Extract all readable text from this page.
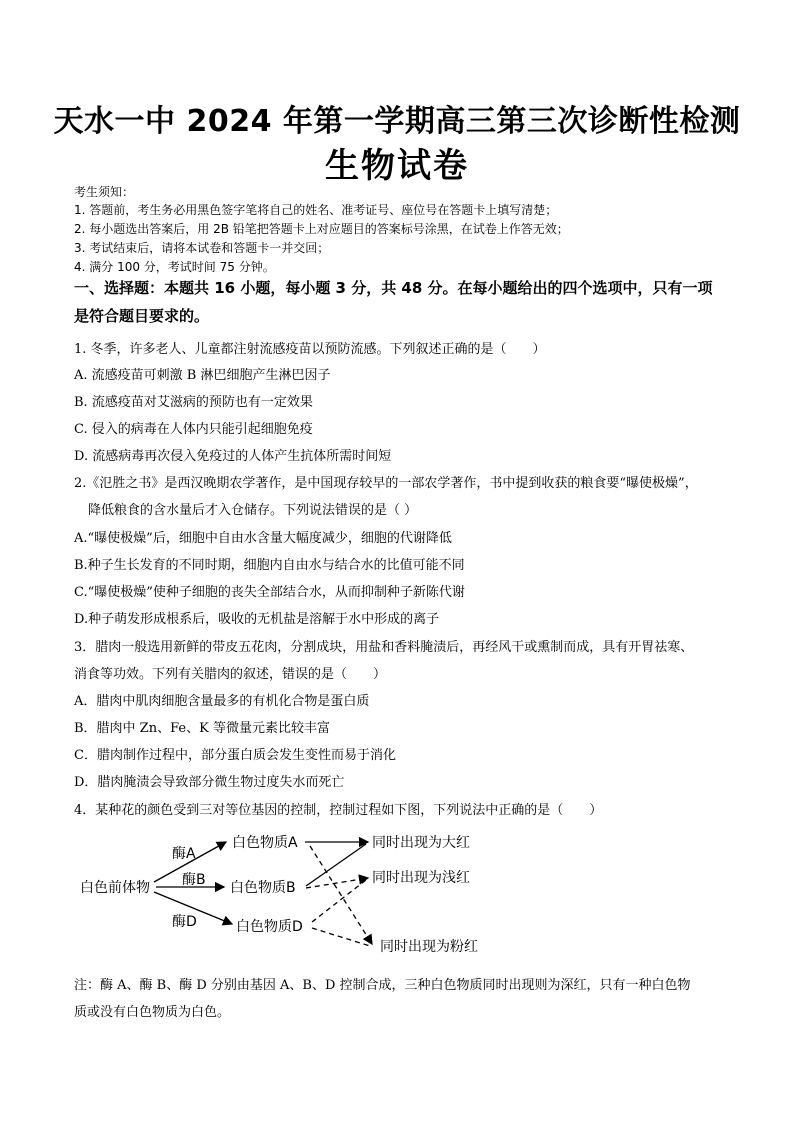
天水一中 2024 年第一学期高三第三次诊断性检测
生物试卷
考生须知：
1. 答题前，考生务必用黑色签字笔将自己的姓名、准考证号、座位号在答题卡上填写清楚；
2. 每小题选出答案后，用 2B 铅笔把答题卡上对应题目的答案标号涂黑，在试卷上作答无效；
3. 考试结束后，请将本试卷和答题卡一并交回；
4. 满分 100 分，考试时间 75 分钟。
一、选择题：本题共 16 小题，每小题 3 分，共 48 分。在每小题给出的四个选项中，只有一项
是符合题目要求的。
1. 冬季，许多老人、儿童都注射流感疫苗以预防流感。下列叙述正确的是（　　）
A. 流感疫苗可刺激 B 淋巴细胞产生淋巴因子
B. 流感疫苗对艾滋病的预防也有一定效果
C. 侵入的病毒在人体内只能引起细胞免疫
D. 流感病毒再次侵入免疫过的人体产生抗体所需时间短
2.《氾胜之书》是西汉晚期农学著作，是中国现存较早的一部农学著作，书中提到收获的粮食要“曝使极燥”，
降低粮食的含水量后才入仓储存。下列说法错误的是（ ）
A.“曝使极燥”后，细胞中自由水含量大幅度减少，细胞的代谢降低
B.种子生长发育的不同时期，细胞内自由水与结合水的比值可能不同
C.“曝使极燥”使种子细胞的丧失全部结合水，从而抑制种子新陈代谢
D.种子萌发形成根系后，吸收的无机盐是溶解于水中形成的离子
3．腊肉一般选用新鲜的带皮五花肉，分割成块，用盐和香料腌渍后，再经风干或熏制而成，具有开胃祛寒、
消食等功效。下列有关腊肉的叙述，错误的是（　　）
A．腊肉中肌肉细胞含量最多的有机化合物是蛋白质
B．腊肉中 Zn、Fe、K 等微量元素比较丰富
C．腊肉制作过程中，部分蛋白质会发生变性而易于消化
D．腊肉腌渍会导致部分微生物过度失水而死亡
4．某种花的颜色受到三对等位基因的控制，控制过程如下图，下列说法中正确的是（　　）
白色前体物
酶A
酶B
酶D
白色物质A
白色物质B
白色物质D
同时出现为大红
同时出现为浅红
同时出现为粉红
注：酶 A、酶 B、酶 D 分别由基因 A、B、D 控制合成，三种白色物质同时出现则为深红，只有一种白色物
质或没有白色物质为白色。
